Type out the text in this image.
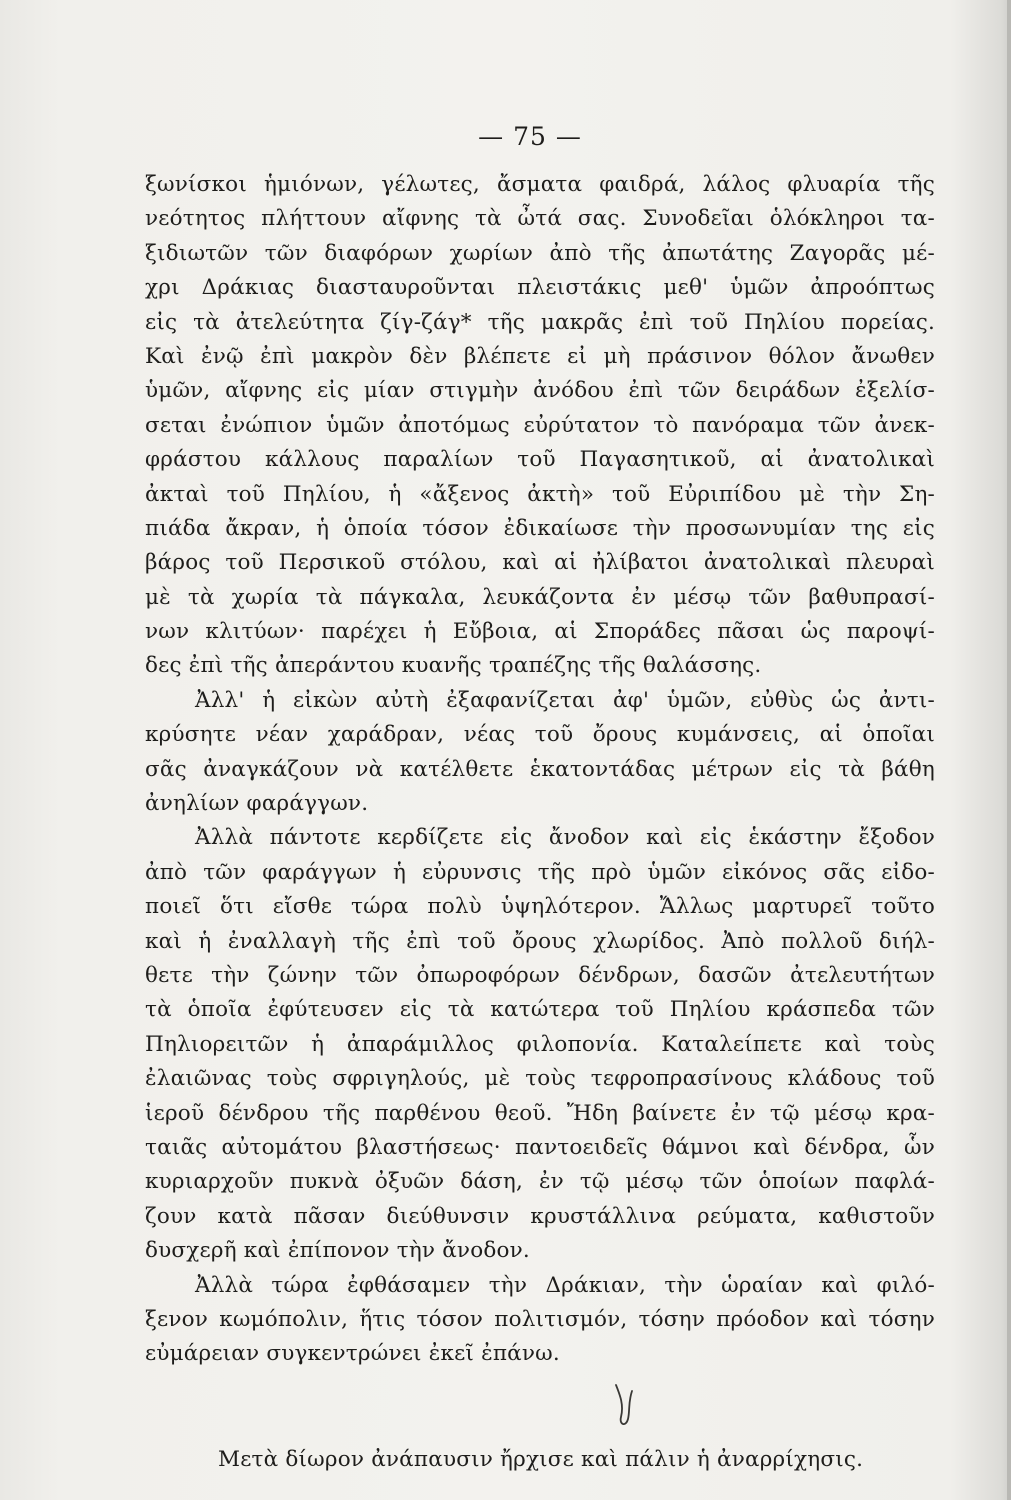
— 75 —
ξωνίσκοι ἡμιόνων, γέλωτες, ἄσματα φαιδρά, λάλος φλυαρία τῆς
νεότητος πλήττουν αἴφνης τὰ ὦτά σας. Συνοδεῖαι ὁλόκληροι τα-
ξιδιωτῶν τῶν διαφόρων χωρίων ἀπὸ τῆς ἀπωτάτης Ζαγορᾶς μέ-
χρι Δράκιας διασταυροῦνται πλειστάκις μεθ' ὑμῶν ἀπροόπτως
εἰς τὰ ἀτελεύτητα ζίγ-ζάγ* τῆς μακρᾶς ἐπὶ τοῦ Πηλίου πορείας.
Καὶ ἐνῷ ἐπὶ μακρὸν δὲν βλέπετε εἰ μὴ πράσινον θόλον ἄνωθεν
ὑμῶν, αἴφνης εἰς μίαν στιγμὴν ἀνόδου ἐπὶ τῶν δειράδων ἐξελίσ-
σεται ἐνώπιον ὑμῶν ἀποτόμως εὐρύτατον τὸ πανόραμα τῶν ἀνεκ-
φράστου κάλλους παραλίων τοῦ Παγασητικοῦ, αἱ ἀνατολικαὶ
ἀκταὶ τοῦ Πηλίου, ἡ «ἄξενος ἀκτὴ» τοῦ Εὐριπίδου μὲ τὴν Ση-
πιάδα ἄκραν, ἡ ὁποία τόσον ἐδικαίωσε τὴν προσωνυμίαν της εἰς
βάρος τοῦ Περσικοῦ στόλου, καὶ αἱ ἠλίβατοι ἀνατολικαὶ πλευραὶ
μὲ τὰ χωρία τὰ πάγκαλα, λευκάζοντα ἐν μέσῳ τῶν βαθυπρασί-
νων κλιτύων· παρέχει ἡ Εὔβοια, αἱ Σποράδες πᾶσαι ὡς παροψί-
δες ἐπὶ τῆς ἀπεράντου κυανῆς τραπέζης τῆς θαλάσσης.
Ἀλλ' ἡ εἰκὼν αὐτὴ ἐξαφανίζεται ἀφ' ὑμῶν, εὐθὺς ὡς ἀντι-
κρύσητε νέαν χαράδραν, νέας τοῦ ὄρους κυμάνσεις, αἱ ὁποῖαι
σᾶς ἀναγκάζουν νὰ κατέλθετε ἑκατοντάδας μέτρων εἰς τὰ βάθη
ἀνηλίων φαράγγων.
Ἀλλὰ πάντοτε κερδίζετε εἰς ἄνοδον καὶ εἰς ἑκάστην ἔξοδον
ἀπὸ τῶν φαράγγων ἡ εὐρυνσις τῆς πρὸ ὑμῶν εἰκόνος σᾶς εἰδο-
ποιεῖ ὅτι εἴσθε τώρα πολὺ ὑψηλότερον. Ἄλλως μαρτυρεῖ τοῦτο
καὶ ἡ ἐναλλαγὴ τῆς ἐπὶ τοῦ ὄρους χλωρίδος. Ἀπὸ πολλοῦ διήλ-
θετε τὴν ζώνην τῶν ὀπωροφόρων δένδρων, δασῶν ἀτελευτήτων
τὰ ὁποῖα ἐφύτευσεν εἰς τὰ κατώτερα τοῦ Πηλίου κράσπεδα τῶν
Πηλιορειτῶν ἡ ἀπαράμιλλος φιλοπονία. Καταλείπετε καὶ τοὺς
ἐλαιῶνας τοὺς σφριγηλούς, μὲ τοὺς τεφροπρασίνους κλάδους τοῦ
ἱεροῦ δένδρου τῆς παρθένου θεοῦ. Ἤδη βαίνετε ἐν τῷ μέσῳ κρα-
ταιᾶς αὐτομάτου βλαστήσεως· παντοειδεῖς θάμνοι καὶ δένδρα, ὧν
κυριαρχοῦν πυκνὰ ὀξυῶν δάση, ἐν τῷ μέσῳ τῶν ὁποίων παφλά-
ζουν κατὰ πᾶσαν διεύθυνσιν κρυστάλλινα ρεύματα, καθιστοῦν
δυσχερῆ καὶ ἐπίπονον τὴν ἄνοδον.
Ἀλλὰ τώρα ἐφθάσαμεν τὴν Δράκιαν, τὴν ὡραίαν καὶ φιλό-
ξενον κωμόπολιν, ἥτις τόσον πολιτισμόν, τόσην πρόοδον καὶ τόσην
εὐμάρειαν συγκεντρώνει ἐκεῖ ἐπάνω.
Μετὰ δίωρον ἀνάπαυσιν ἤρχισε καὶ πάλιν ἡ ἀναρρίχησις.
